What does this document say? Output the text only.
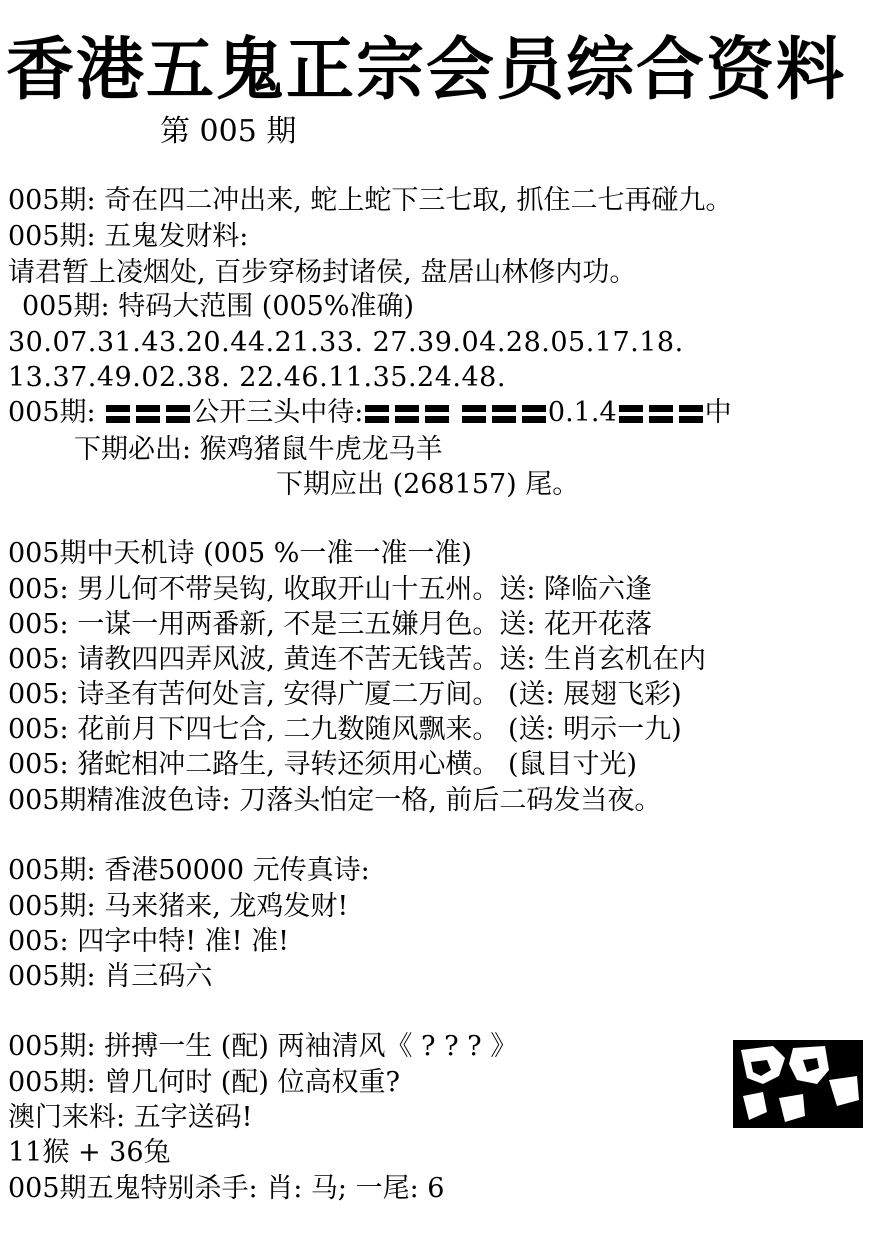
香港五鬼正宗会员综合资料
第 005 期
005期: 奇在四二冲出来, 蛇上蛇下三七取, 抓住二七再碰九。
005期: 五鬼发财料:
请君暂上凌烟处, 百步穿杨封诸侯, 盘居山林修内功。
005期: 特码大范围 (005%准确)
30.07.31.43.20.44.21.33. 27.39.04.28.05.17.18.
13.37.49.02.38. 22.46.11.35.24.48.
005期:	公开三头中待:	0.1.4	中
下期必出: 猴鸡猪鼠牛虎龙马羊
下期应出 (268157) 尾。
005期中天机诗 (005 %一准一准一准)
005: 男儿何不带吴钩, 收取开山十五州。送: 降临六逢
005: 一谋一用两番新, 不是三五嫌月色。送: 花开花落
005: 请教四四弄风波, 黄连不苦无钱苦。送: 生肖玄机在内
005: 诗圣有苦何处言, 安得广厦二万间。 (送: 展翅飞彩)
005: 花前月下四七合, 二九数随风飘来。 (送: 明示一九)
005: 猪蛇相冲二路生, 寻转还须用心横。 (鼠目寸光)
005期精准波色诗: 刀落头怕定一格, 前后二码发当夜。
005期: 香港50000 元传真诗:
005期: 马来猪来, 龙鸡发财!
005: 四字中特! 准! 准!
005期: 肖三码六
005期: 拼搏一生 (配) 两袖清风《 ? ? ? 》
005期: 曾几何时 (配) 位高权重?
澳门来料: 五字送码!
11猴 + 36兔
005期五鬼特别杀手: 肖: 马; 一尾: 6
